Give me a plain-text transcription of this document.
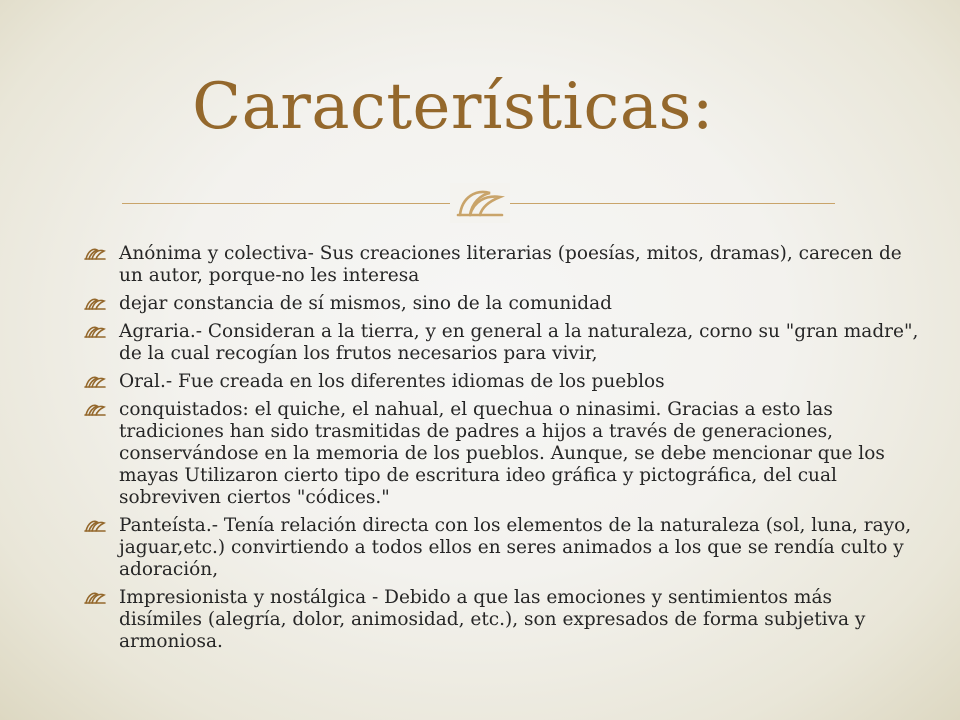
Características:
Anónima y colectiva- Sus creaciones literarias (poesías, mitos, dramas), carecen de un autor, porque-no les interesa
dejar constancia de sí mismos, sino de la comunidad
Agraria.- Consideran a la tierra, y en general a la naturaleza, corno su "gran madre", de la cual recogían los frutos necesarios para vivir,
Oral.- Fue creada en los diferentes idiomas de los pueblos
conquistados: el quiche, el nahual, el quechua o ninasimi. Gracias a esto las tradiciones han sido trasmitidas de padres a hijos a través de generaciones, conservándose en la memoria de los pueblos. Aunque, se debe mencionar que los mayas Utilizaron cierto tipo de escritura ideo gráfica y pictográfica, del cual sobreviven ciertos "códices."
Panteísta.- Tenía relación directa con los elementos de la naturaleza (sol, luna, rayo, jaguar,etc.) convirtiendo a todos ellos en seres animados a los que se rendía culto y adoración,
Impresionista y nostálgica - Debido a que las emociones y sentimientos más disímiles (alegría, dolor, animosidad, etc.), son expresados de forma subjetiva y armoniosa.
